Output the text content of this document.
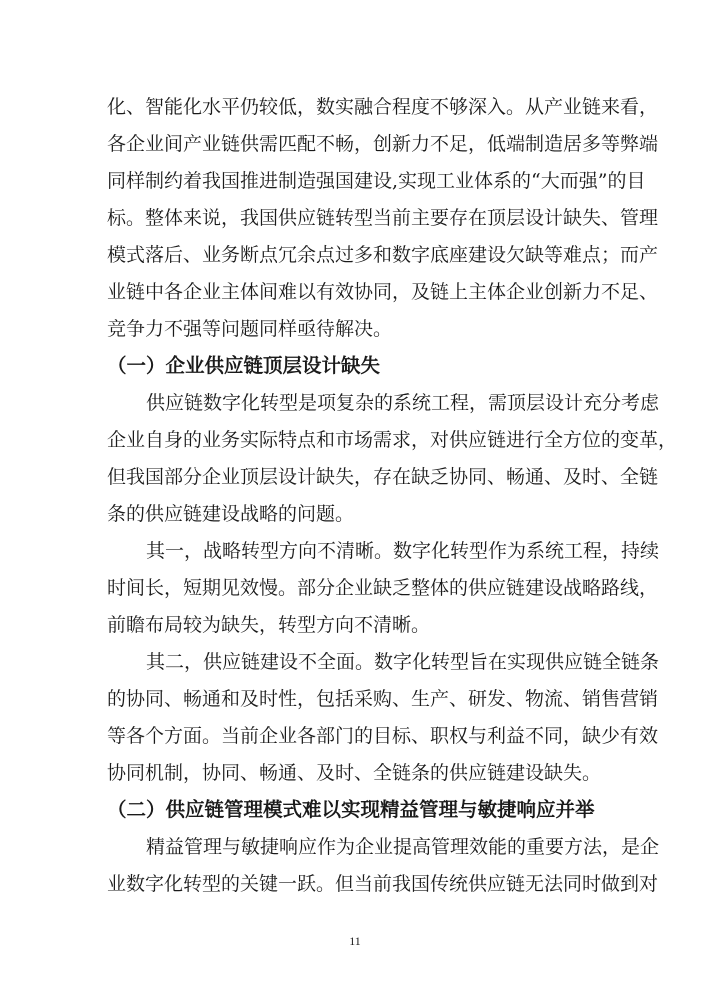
化、智能化水平仍较低，数实融合程度不够深入。从产业链来看，
各企业间产业链供需匹配不畅，创新力不足，低端制造居多等弊端
同样制约着我国推进制造强国建设,实现工业体系的“大而强”的目
标。整体来说，我国供应链转型当前主要存在顶层设计缺失、管理
模式落后、业务断点冗余点过多和数字底座建设欠缺等难点；而产
业链中各企业主体间难以有效协同，及链上主体企业创新力不足、
竞争力不强等问题同样亟待解决。
（一）企业供应链顶层设计缺失
供应链数字化转型是项复杂的系统工程，需顶层设计充分考虑
企业自身的业务实际特点和市场需求，对供应链进行全方位的变革，
但我国部分企业顶层设计缺失，存在缺乏协同、畅通、及时、全链
条的供应链建设战略的问题。
其一，战略转型方向不清晰。数字化转型作为系统工程，持续
时间长，短期见效慢。部分企业缺乏整体的供应链建设战略路线，
前瞻布局较为缺失，转型方向不清晰。
其二，供应链建设不全面。数字化转型旨在实现供应链全链条
的协同、畅通和及时性，包括采购、生产、研发、物流、销售营销
等各个方面。当前企业各部门的目标、职权与利益不同，缺少有效
协同机制，协同、畅通、及时、全链条的供应链建设缺失。
（二）供应链管理模式难以实现精益管理与敏捷响应并举
精益管理与敏捷响应作为企业提高管理效能的重要方法，是企
业数字化转型的关键一跃。但当前我国传统供应链无法同时做到对
11
